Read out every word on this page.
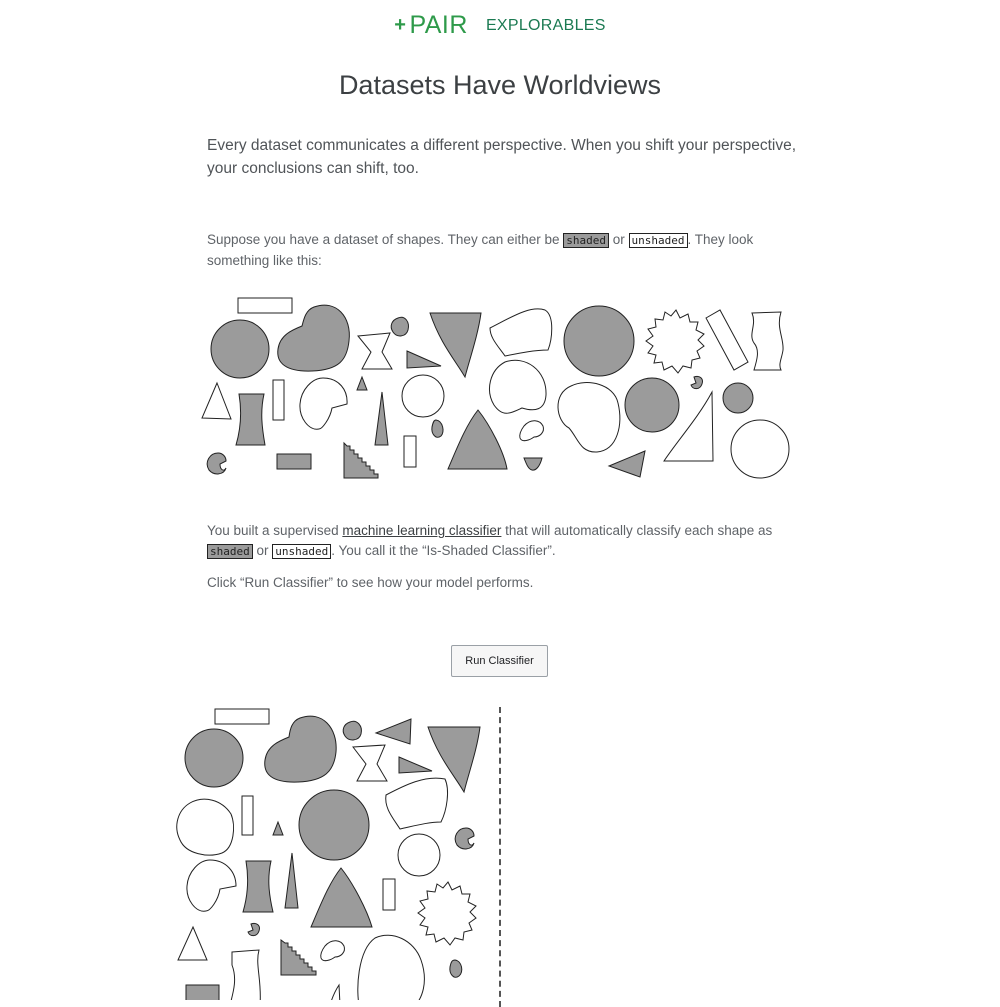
+ PAIR EXPLORABLES
Datasets Have Worldviews

Every dataset communicates a different perspective. When you shift your perspective, your conclusions can shift, too.

Suppose you have a dataset of shapes. They can either be shaded or unshaded . They look something like this:

You built a supervised machine learning classifier that will automatically classify each shape as shaded or unshaded . You call it the “Is-Shaded Classifier”.

Click “Run Classifier” to see how your model performs.

Run Classifier
